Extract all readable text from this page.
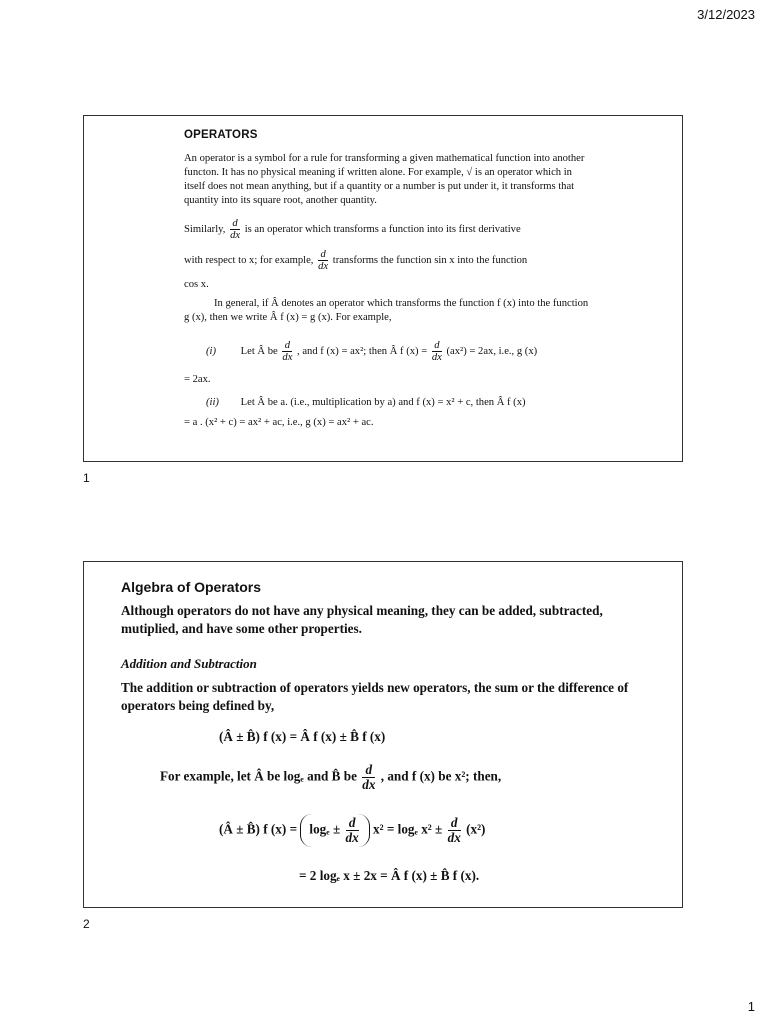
3/12/2023
OPERATORS
An operator is a symbol for a rule for transforming a given mathematical function into another functon. It has no physical meaning if written alone. For example, √ is an operator which in itself does not mean anything, but if a quantity or a number is put under it, it transforms that quantity into its square root, another quantity.
Similarly, $\frac{d}{dx}$ is an operator which transforms a function into its first derivative
with respect to x; for example, $\frac{d}{dx}$ transforms the function sin x into the function
cos x.
In general, if Â denotes an operator which transforms the function f (x) into the function g (x), then we write Â f (x) = g (x). For example,
(i) Let Â be $\frac{d}{dx}$ , and f (x) = ax²; then Â f $(x) = \frac{d}{dx} (ax^2) = 2ax$, i.e., g (x)
= 2ax.
(ii) Let Â be a. (i.e., multiplication by a) and f (x) = x² + c, then Â f (x)
= a . (x² + c) = ax² + ac, i.e., g (x) = ax² + ac.
1
Algebra of Operators
Although operators do not have any physical meaning, they can be added, subtracted, mutiplied, and have some other properties.
Addition and Subtraction
The addition or subtraction of operators yields new operators, the sum or the difference of operators being defined by,
(Â ± B̂) f (x) = Â f (x) ± B̂ f (x)
For example, let Â be logₑ and B̂ be $\frac{d}{dx}$ , and f (x) be x²; then,
(Â ± B̂) f $(x) = \log_e \pm \frac{d}{dx} x^2 = \log_e$ $x^2 \pm \frac{d}{dx} (x^2)$
= 2 logₑ x ± 2x = Â f (x) ± B̂ f (x).
2
1
